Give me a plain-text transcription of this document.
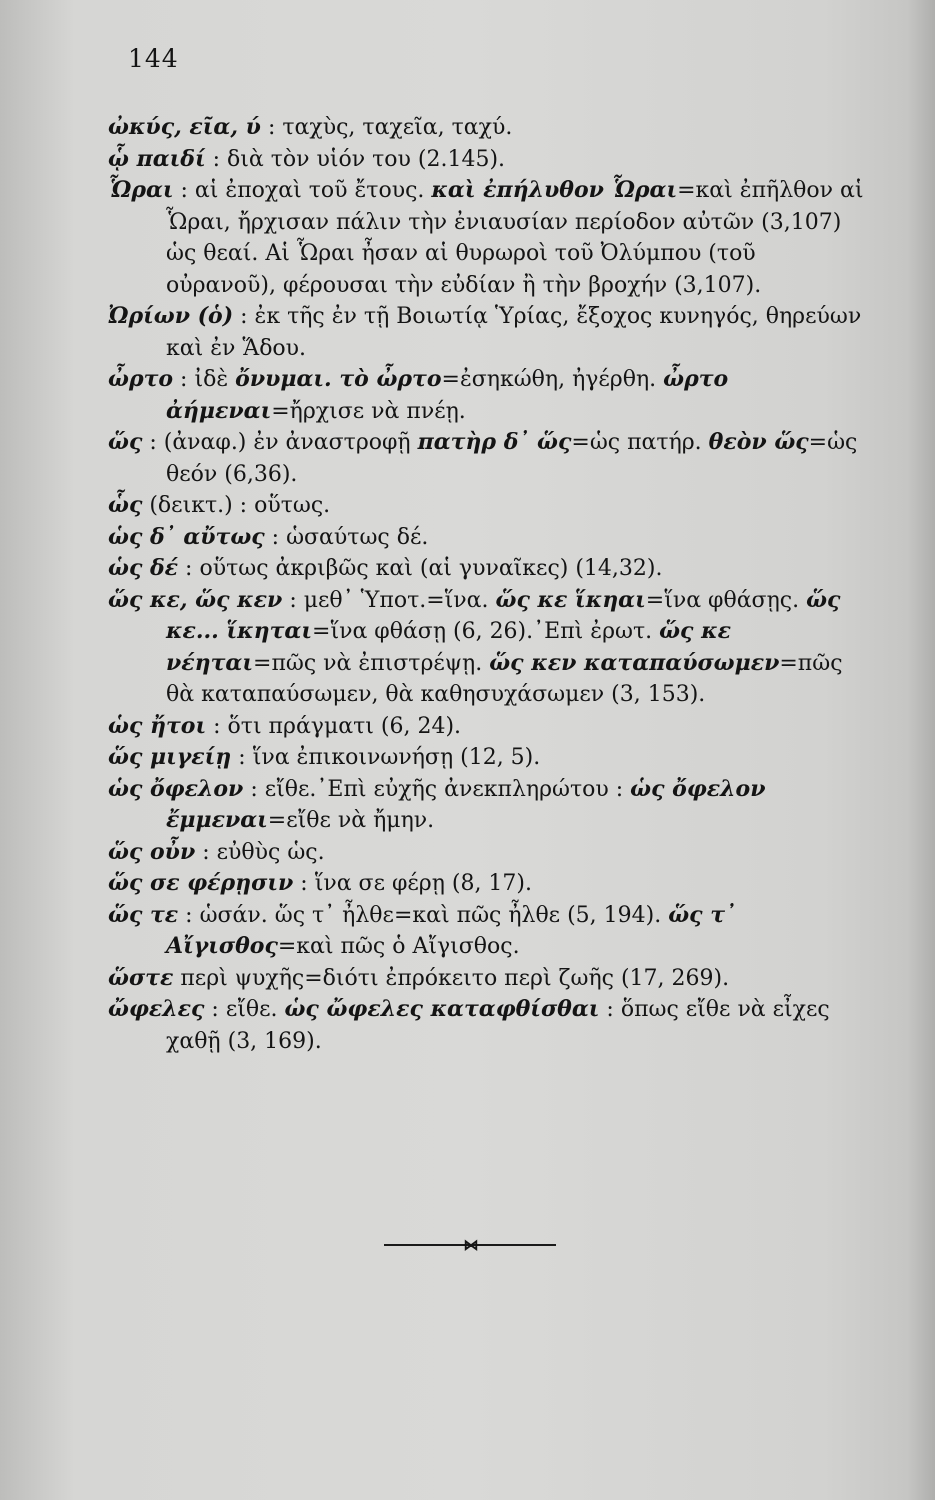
144

ὠκύς, εῖα, ύ : ταχὺς, ταχεῖα, ταχύ.

ᾧ παιδί : διὰ τὸν υἱόν του (2.145).

Ὧραι : αἱ ἐποχαὶ τοῦ ἔτους. καὶ ἐπήλυθον Ὧραι=καὶ ἐπῆλθον αἱ Ὧραι, ἤρχισαν πάλιν τὴν ἐνιαυσίαν περίοδον αὐτῶν (3,107) ὡς θεαί. Αἱ Ὧραι ἦσαν αἱ θυρωροὶ τοῦ Ὀλύμπου (τοῦ οὐρανοῦ), φέρουσαι τὴν εὐδίαν ἢ τὴν βροχήν (3,107).

Ὠρίων (ὁ) : ἐκ τῆς ἐν τῇ Βοιωτίᾳ Ὑρίας, ἔξοχος κυνηγός, θηρεύων καὶ ἐν Ἅδου.

ὦρτο : ἰδὲ ὄνυμαι. τὸ ὦρτο=ἐσηκώθη, ἠγέρθη. ὦρτο ἀήμεναι=ἤρχισε νὰ πνέῃ.

ὥς : (ἀναφ.) ἐν ἀναστροφῇ πατὴρ δ᾽ ὥς=ὡς πατήρ. θεὸν ὥς=ὡς θεόν (6,36).

ὧς (δεικτ.) : οὕτως.

ὡς δ᾽ αὔτως : ὡσαύτως δέ.

ὡς δέ : οὕτως ἀκριβῶς καὶ (αἱ γυναῖκες) (14,32).

ὥς κε, ὥς κεν : μεθ᾽ Ὑποτ.=ἵνα. ὥς κε ἵκηαι=ἵνα φθάσῃς. ὥς κε... ἵκηται=ἵνα φθάσῃ (6, 26).᾽Επὶ ἐρωτ. ὥς κε νέηται=πῶς νὰ ἐπιστρέψῃ. ὥς κεν καταπαύσωμεν=πῶς θὰ καταπαύσωμεν, θὰ καθησυχάσωμεν (3, 153).

ὡς ἤτοι : ὅτι πράγματι (6, 24).

ὥς μιγείῃ : ἵνα ἐπικοινωνήσῃ (12, 5).

ὡς ὄφελον : εἴθε.᾽Επὶ εὐχῆς ἀνεκπληρώτου : ὡς ὄφελον ἔμμεναι=εἴθε νὰ ἤμην.

ὥς οὖν : εὐθὺς ὡς.

ὥς σε φέρῃσιν : ἵνα σε φέρῃ (8, 17).

ὥς τε : ὡσάν. ὥς τ᾽ ἦλθε=καὶ πῶς ἦλθε (5, 194). ὥς τ᾽ Αἴγισθος=καὶ πῶς ὁ Αἴγισθος.

ὥστε περὶ ψυχῆς=διότι ἐπρόκειτο περὶ ζωῆς (17, 269).

ὤφελες : εἴθε. ὡς ὤφελες καταφθίσθαι : ὅπως εἴθε νὰ εἶχες χαθῇ (3, 169).

⋈
